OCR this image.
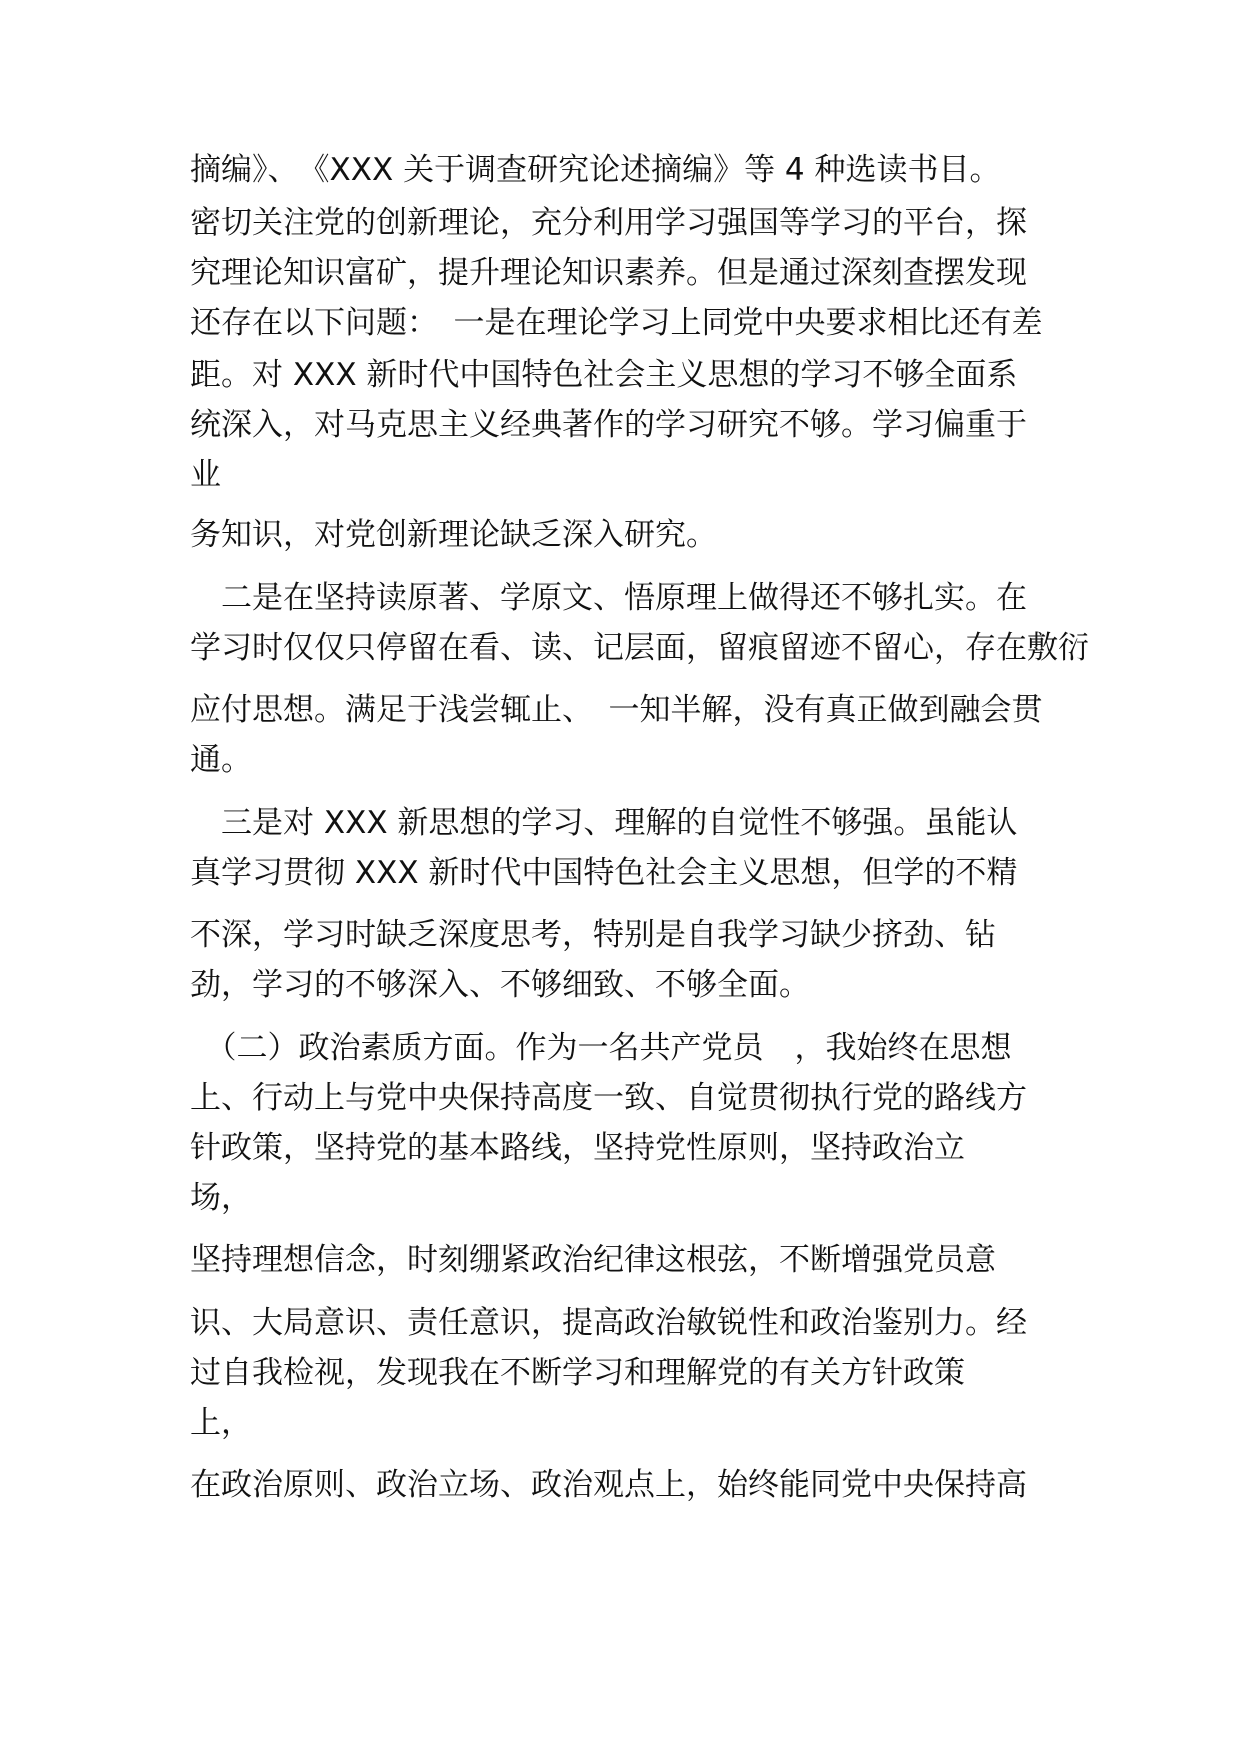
摘编》、　《XXX 关于调查研究论述摘编》等 4 种选读书目。
密切关注党的创新理论，充分利用学习强国等学习的平台，探
究理论知识富矿，提升理论知识素养。但是通过深刻查摆发现
还存在以下问题：　一是在理论学习上同党中央要求相比还有差
距。对 XXX 新时代中国特色社会主义思想的学习不够全面系
统深入，对马克思主义经典著作的学习研究不够。学习偏重于
业
务知识，对党创新理论缺乏深入研究。
　二是在坚持读原著、学原文、悟原理上做得还不够扎实。在
学习时仅仅只停留在看、读、记层面，留痕留迹不留心，存在敷衍
应付思想。满足于浅尝辄止、　一知半解，没有真正做到融会贯
通。
　三是对 XXX 新思想的学习、理解的自觉性不够强。虽能认
真学习贯彻 XXX 新时代中国特色社会主义思想，但学的不精
不深，学习时缺乏深度思考，特别是自我学习缺少挤劲、钻
劲，学习的不够深入、不够细致、不够全面。
　（二）政治素质方面。作为一名共产党员　，我始终在思想
上、行动上与党中央保持高度一致、自觉贯彻执行党的路线方
针政策，坚持党的基本路线，坚持党性原则，坚持政治立
场，
坚持理想信念，时刻绷紧政治纪律这根弦，不断增强党员意
识、大局意识、责任意识，提高政治敏锐性和政治鉴别力。经
过自我检视，发现我在不断学习和理解党的有关方针政策
上，
在政治原则、政治立场、政治观点上，始终能同党中央保持高
